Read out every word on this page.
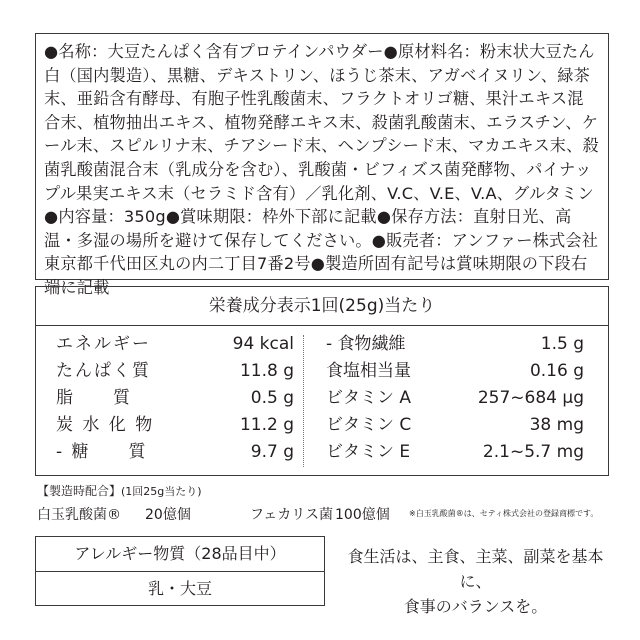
●名称：大豆たんぱく含有プロテインパウダー●原材料名：粉末状大豆たん白（国内製造）、黒糖、デキストリン、ほうじ茶末、アガベイヌリン、緑茶末、亜鉛含有酵母、有胞子性乳酸菌末、フラクトオリゴ糖、果汁エキス混合末、植物抽出エキス、植物発酵エキス末、殺菌乳酸菌末、エラスチン、ケール末、スピルリナ末、チアシード末、ヘンプシード末、マカエキス末、殺菌乳酸菌混合末（乳成分を含む）、乳酸菌・ビフィズス菌発酵物、パイナップル果実エキス末（セラミド含有）／乳化剤、V.C、V.E、V.A、グルタミン●内容量：350g●賞味期限：枠外下部に記載●保存方法：直射日光、高温・多湿の場所を避けて保存してください。●販売者：アンファー株式会社 東京都千代田区丸の内二丁目7番2号●製造所固有記号は賞味期限の下段右端に記載

栄養成分表示1回(25g)当たり
エネルギー	94 kcal
たんぱく質	11.8 g
脂　　質	0.5 g
炭 水 化 物	11.2 g
‐ 糖　　質	9.7 g
‐ 食物繊維	1.5 g
食塩相当量	0.16 g
ビタミン A	257~684 µg
ビタミン C	38 mg
ビタミン E	2.1~5.7 mg
【製造時配合】(1回25g当たり)
白玉乳酸菌® 20億個	フェカリス菌 100億個 ※白玉乳酸菌®は、セティ株式会社の登録商標です。
アレルギー物質（28品目中）
乳・大豆
食生活は、主食、主菜、副菜を基本に、
食事のバランスを。
